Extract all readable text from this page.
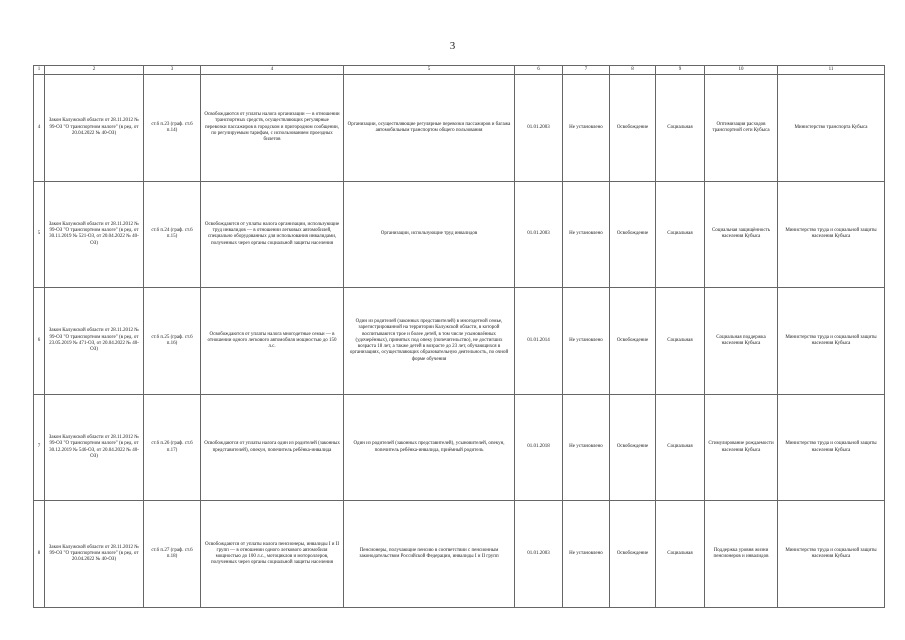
3
1	2	3	4	5	6	7	8	9	10	11
4	Закон Калужской области от 28.11.2012 № 99-ОЗ "О транспортном налоге" (в ред. от 20.04.2022 № 40-ОЗ)	ст.6 п.23 (граф. ст.6 п.14)	Освобождаются от уплаты налога организации — в отношении транспортных средств, осуществляющих регулярные перевозки пассажиров в городском и пригородном сообщении, по регулируемым тарифам, с использованием проездных билетов	Организации, осуществляющие регулярные перевозки пассажиров и багажа автомобильным транспортом общего пользования	01.01.2003	Не установлено	Освобождение	Социальная	Оптимизация расходов транспортной сети Кубыса	Министерство транспорта Кубыса
5	Закон Калужской области от 28.11.2012 № 99-ОЗ "О транспортном налоге" (в ред. от 30.11.2019 № 521-ОЗ, от 20.04.2022 № 40-ОЗ)	ст.6 п.24 (граф. ст.6 п.15)	Освобождаются от уплаты налога организации, использующие труд инвалидов — в отношении легковых автомобилей, специально оборудованных для использования инвалидами, полученных через органы социальной защиты населения	Организации, использующие труд инвалидов	01.01.2003	Не установлено	Освобождение	Социальная	Социальная защищённость населения Кубыса	Министерство труда и социальной защиты населения Кубыса
6	Закон Калужской области от 28.11.2012 № 99-ОЗ "О транспортном налоге" (в ред. от 23.05.2019 № 471-ОЗ, от 20.04.2022 № 40-ОЗ)	ст.6 п.25 (граф. ст.6 п.16)	Освобождаются от уплаты налога многодетные семьи — в отношении одного легкового автомобиля мощностью до 150 л.с.	Один из родителей (законных представителей) в многодетной семье, зарегистрированной на территории Калужской области, в которой воспитываются трое и более детей, в том числе усыновлённых (удочерённых), принятых под опеку (попечительство), не достигших возраста 18 лет, а также детей в возрасте до 23 лет, обучающихся в организациях, осуществляющих образовательную деятельность, по очной форме обучения	01.01.2014	Не установлено	Освобождение	Социальная	Социальная поддержка населения Кубыса	Министерство труда и социальной защиты населения Кубыса
7	Закон Калужской области от 28.11.2012 № 99-ОЗ "О транспортном налоге" (в ред. от 30.12.2019 № 546-ОЗ, от 20.04.2022 № 40-ОЗ)	ст.6 п.26 (граф. ст.6 п.17)	Освобождаются от уплаты налога один из родителей (законных представителей), опекун, попечитель ребёнка-инвалида	Один из родителей (законных представителей), усыновителей, опекун, попечитель ребёнка-инвалида, приёмный родитель	01.01.2018	Не установлено	Освобождение	Социальная	Стимулирование рождаемости населения Кубыса	Министерство труда и социальной защиты населения Кубыса
8	Закон Калужской области от 28.11.2012 № 99-ОЗ "О транспортном налоге" (в ред. от 20.04.2022 № 40-ОЗ)	ст.6 п.27 (граф. ст.6 п.18)	Освобождаются от уплаты налога пенсионеры, инвалиды I и II групп — в отношении одного легкового автомобиля мощностью до 100 л.с., мотоциклов и мотороллеров, полученных через органы социальной защиты населения	Пенсионеры, получающие пенсию в соответствии с пенсионным законодательством Российской Федерации, инвалиды I и II групп	01.01.2003	Не установлено	Освобождение	Социальная	Поддержка уровня жизни пенсионеров и инвалидов	Министерство труда и социальной защиты населения Кубыса
